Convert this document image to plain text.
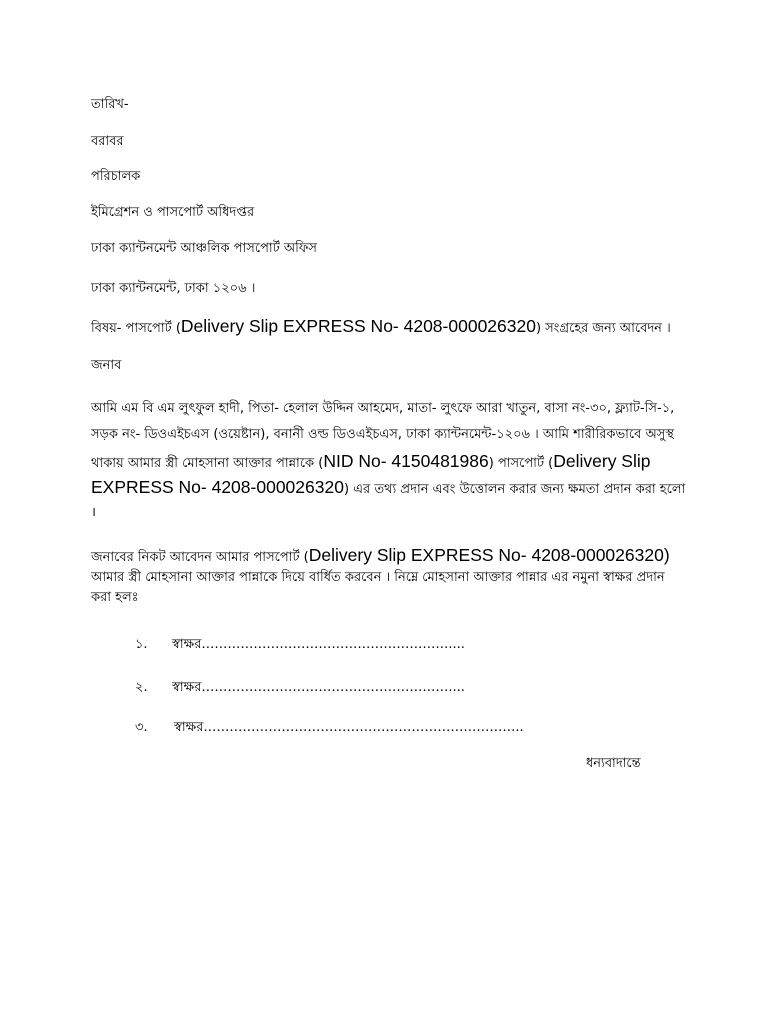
তারিখ-
বরাবর
পরিচালক
ইমিগ্রেশন ও পাসপোর্ট অধিদপ্তর
ঢাকা ক্যান্টনমেন্ট আঞ্চলিক পাসপোর্ট অফিস
ঢাকা ক্যান্টনমেন্ট, ঢাকা ১২০৬ ।
বিষয়- পাসপোর্ট (Delivery Slip EXPRESS No- 4208-000026320) সংগ্রহের জন্য আবেদন ।
জনাব
আমি এম বি এম লুৎফুল হাদী, পিতা- হেলাল উদ্দিন আহমেদ, মাতা- লুৎফে আরা খাতুন, বাসা নং-৩০, ফ্ল্যাট-সি-১,
সড়ক নং- ডিওএইচএস (ওয়েষ্টান), বনানী ওল্ড ডিওএইচএস, ঢাকা ক্যান্টনমেন্ট-১২০৬ । আমি শারীরিকভাবে অসুস্থ
থাকায় আমার স্ত্রী মোহসানা আক্তার পান্নাকে (NID No- 4150481986) পাসপোর্ট (Delivery Slip
EXPRESS No- 4208-000026320) এর তথ্য প্রদান এবং উত্তোলন করার জন্য ক্ষমতা প্রদান করা হলো
।
জনাবের নিকট আবেদন আমার পাসপোর্ট (Delivery Slip EXPRESS No- 4208-000026320)
আমার স্ত্রী মোহসানা আক্তার পান্নাকে দিয়ে বার্ধিত করবেন । নিম্নে মোহসানা আক্তার পান্নার এর নমুনা স্বাক্ষর প্রদান
করা হলঃ
১. স্বাক্ষর…………………………………………………....
২. স্বাক্ষর…………………………………………………....
৩. স্বাক্ষর………………………………………………………………..
ধন্যবাদান্তে
